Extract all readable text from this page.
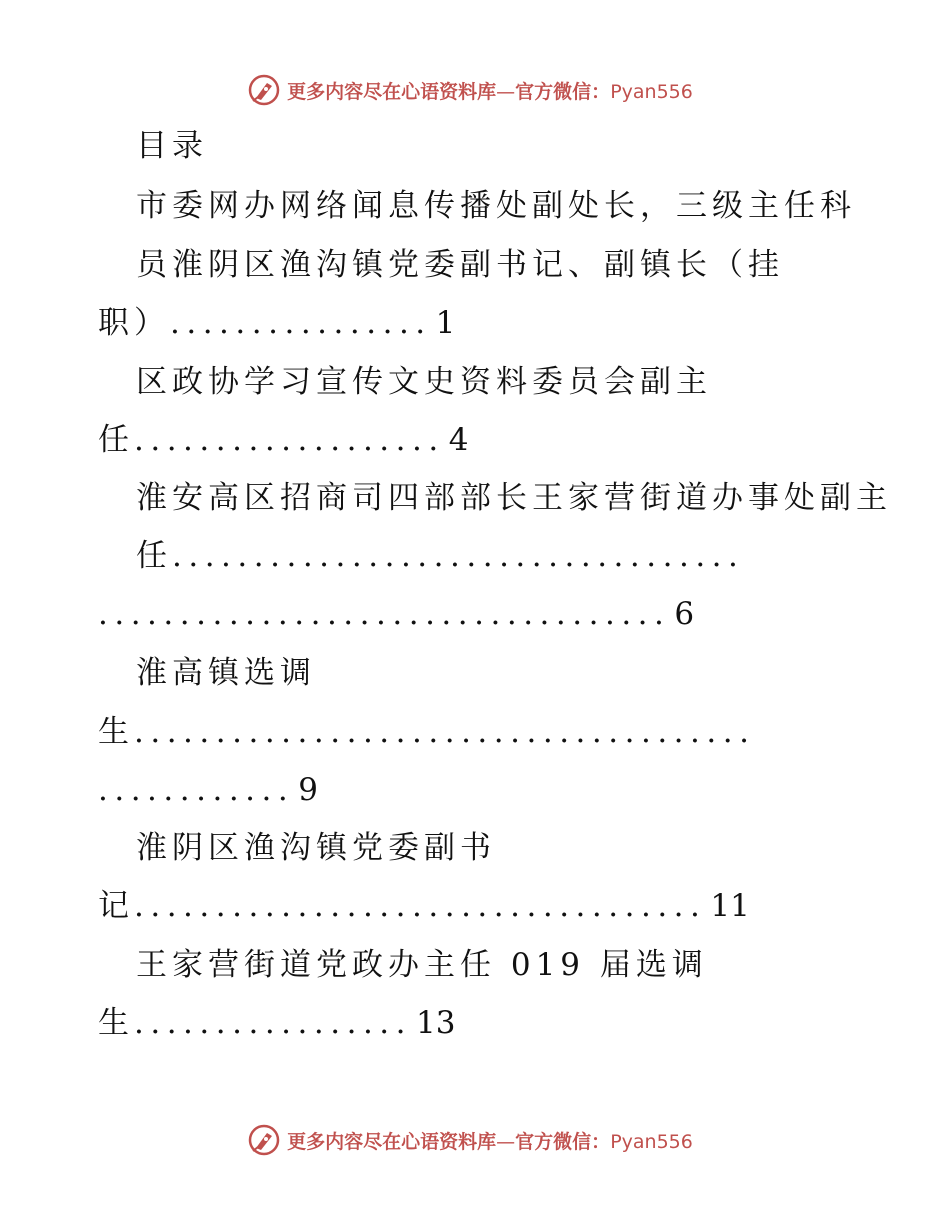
更多内容尽在心语资料库—官方微信：Pyan556
目录
市委网办网络闻息传播处副处长，三级主任科
员淮阴区渔沟镇党委副书记、副镇长（挂
职）................ 1
区政协学习宣传文史资料委员会副主
任................... 4
淮安高区招商司四部部长王家营街道办事处副主
任...................................
................................... 6
淮高镇选调
生......................................
............ 9
淮阴区渔沟镇党委副书
记................................... 11
王家营街道党政办主任 019 届选调
生................. 13
更多内容尽在心语资料库—官方微信：Pyan556
